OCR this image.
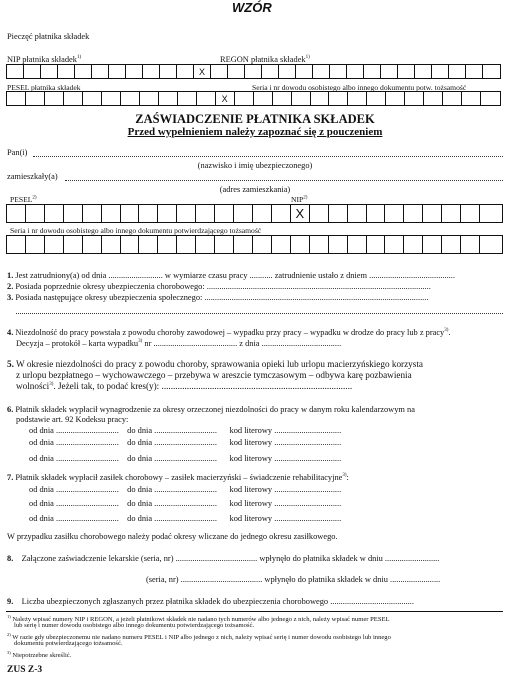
WZÓR
Pieczęć płatnika składek
NIP płatnika składek$^{1)}$	REGON płatnika składek$^{1)}$
X
PESEL płatnika składek	Seria i nr dowodu osobistego albo innego dokumentu potw. tożsamość
X
ZAŚWIADCZENIE PŁATNIKA SKŁADEK
Przed wypełnieniem należy zapoznać się z pouczeniem
Pan(i)
(nazwisko i imię ubezpieczonego)
zamieszkały(a)
(adres zamieszkania)
PESEL$^{2)}$	NIP$^{2)}$
X
Seria i nr dowodu osobistego albo innego dokumentu potwierdzającego tożsamość
1. Jest zatrudniony(a) od dnia .......................... w wymiarze czasu pracy ........... zatrudnienie ustało z dniem .........................................
2. Posiada poprzednie okresy ubezpieczenia chorobowego: ...........................................................................................................
3. Posiada następujące okresy ubezpieczenia społecznego: ...........................................................................................................
4. Niezdolność do pracy powstała z powodu choroby zawodowej – wypadku przy pracy – wypadku w drodze do pracy lub z pracy$^{3)}$.
Decyzja – protokół – karta wypadku$^{3)}$ nr ........................................ z dnia ......................................
5. W okresie niezdolności do pracy z powodu choroby, sprawowania opieki lub urlopu macierzyńskiego korzysta
z urlopu bezpłatnego – wychowawczego – przebywa w areszcie tymczasowym – odbywa karę pozbawienia
wolności$^{3)}$. Jeżeli tak, to podać kres(y): ...................................................................................
6. Płatnik składek wypłacił wynagrodzenie za okresy orzeczonej niezdolności do pracy w danym roku kalendarzowym na
podstawie art. 92 Kodeksu pracy:
od dnia .............................. do dnia .............................. kod literowy ................................
od dnia .............................. do dnia .............................. kod literowy ................................
od dnia .............................. do dnia .............................. kod literowy ................................
7. Płatnik składek wypłacił zasiłek chorobowy – zasiłek macierzyński – świadczenie rehabilitacyjne$^{3)}$:
od dnia .............................. do dnia .............................. kod literowy ................................
od dnia .............................. do dnia .............................. kod literowy ................................
od dnia .............................. do dnia .............................. kod literowy ................................
W przypadku zasiłku chorobowego należy podać okresy wliczane do jednego okresu zasiłkowego.
8. Załączone zaświadczenie lekarskie (seria, nr) ....................................... wpłynęło do płatnika składek w dniu ..........................
(seria, nr) ....................................... wpłynęło do płatnika składek w dniu ........................
9. Liczba ubezpieczonych zgłaszanych przez płatnika składek do ubezpieczenia chorobowego ........................................
$^{1)}$ Należy wpisać numery NIP i REGON, a jeżeli płatnikowi składek nie nadano tych numerów albo jednego z nich, należy wpisać numer PESEL
lub serię i numer dowodu osobistego albo innego dokumentu potwierdzającego tożsamość.
$^{2)}$ W razie gdy ubezpieczonemu nie nadano numeru PESEL i NIP albo jednego z nich, należy wpisać serię i numer dowodu osobistego lub innego
dokumentu potwierdzającego tożsamość.
$^{3)}$ Niepotrzebne skreślić.
ZUS Z-3
